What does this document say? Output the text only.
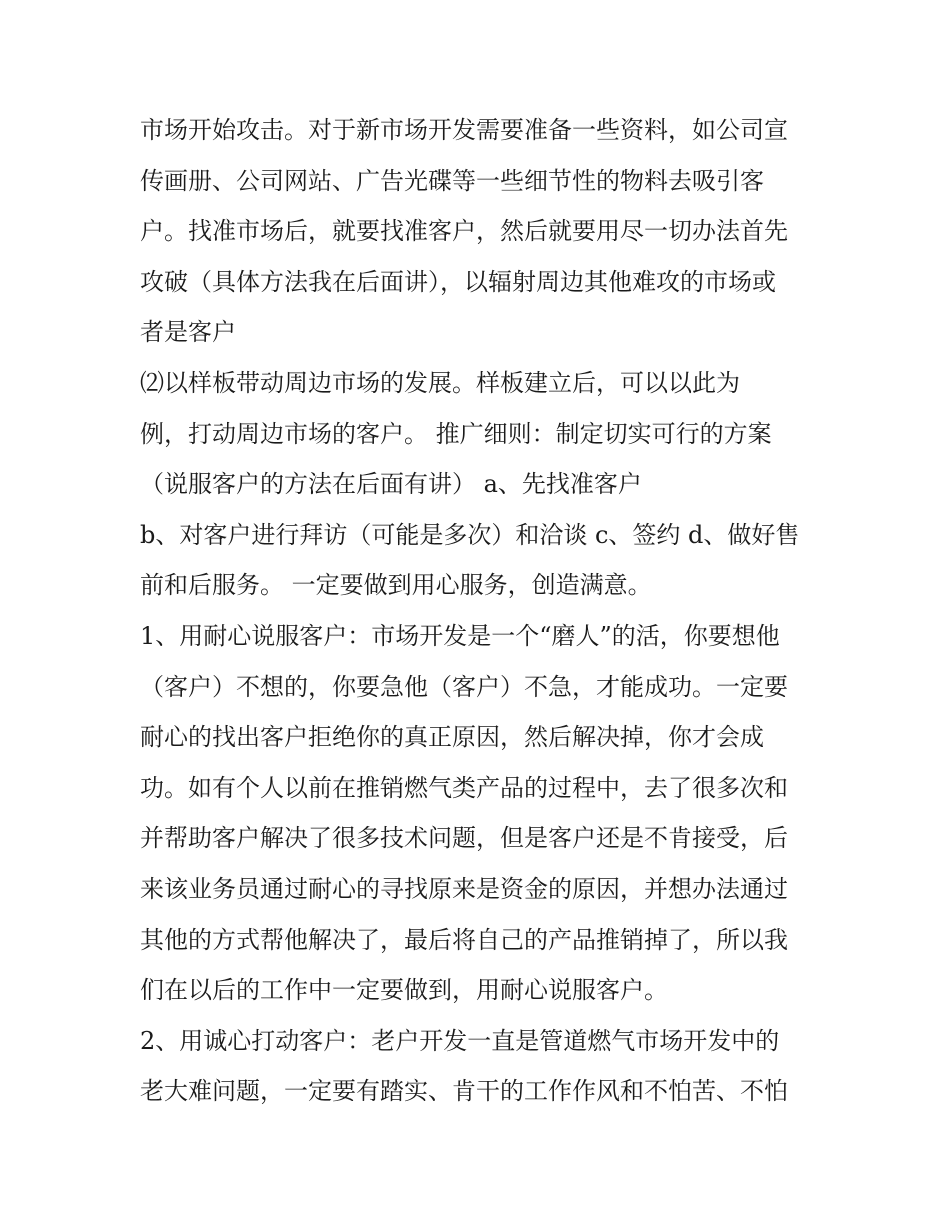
市场开始攻击。对于新市场开发需要准备一些资料，如公司宣
传画册、公司网站、广告光碟等一些细节性的物料去吸引客
户。找准市场后，就要找准客户，然后就要用尽一切办法首先
攻破（具体方法我在后面讲），以辐射周边其他难攻的市场或
者是客户
⑵以样板带动周边市场的发展。样板建立后，可以以此为
例，打动周边市场的客户。 推广细则：制定切实可行的方案
（说服客户的方法在后面有讲） a、先找准客户
b、对客户进行拜访（可能是多次）和洽谈 c、签约 d、做好售
前和后服务。 一定要做到用心服务，创造满意。
1、用耐心说服客户：市场开发是一个“磨人”的活，你要想他
（客户）不想的，你要急他（客户）不急，才能成功。一定要
耐心的找出客户拒绝你的真正原因，然后解决掉，你才会成
功。如有个人以前在推销燃气类产品的过程中，去了很多次和
并帮助客户解决了很多技术问题，但是客户还是不肯接受，后
来该业务员通过耐心的寻找原来是资金的原因，并想办法通过
其他的方式帮他解决了，最后将自己的产品推销掉了，所以我
们在以后的工作中一定要做到，用耐心说服客户。
2、用诚心打动客户：老户开发一直是管道燃气市场开发中的
老大难问题，一定要有踏实、肯干的工作作风和不怕苦、不怕
